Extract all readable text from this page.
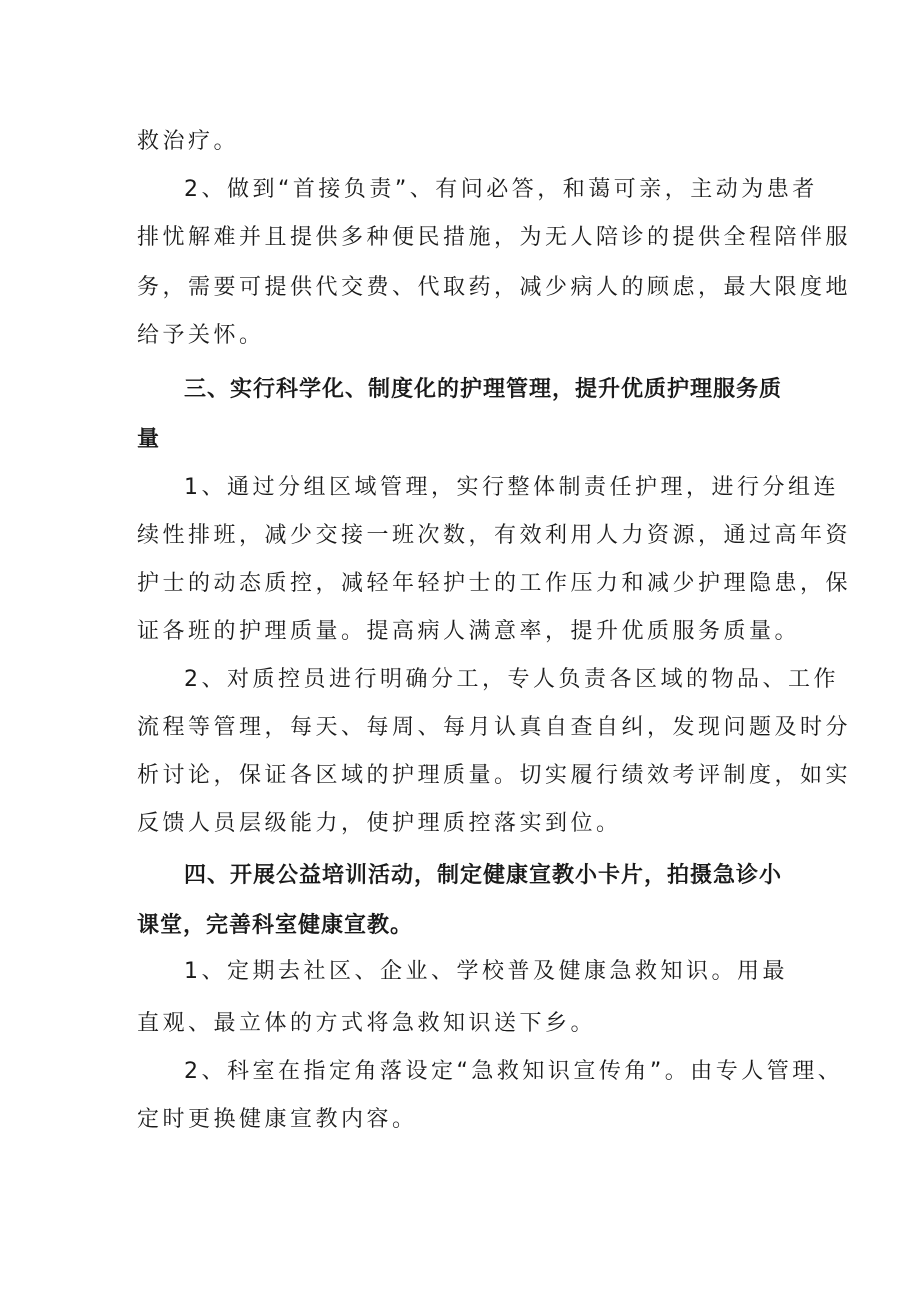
救治疗。
2、做到“首接负责”、有问必答，和蔼可亲，主动为患者
排忧解难并且提供多种便民措施，为无人陪诊的提供全程陪伴服
务，需要可提供代交费、代取药，减少病人的顾虑，最大限度地
给予关怀。
三、实行科学化、制度化的护理管理，提升优质护理服务质
量
1、通过分组区域管理，实行整体制责任护理，进行分组连
续性排班，减少交接一班次数，有效利用人力资源，通过高年资
护士的动态质控，减轻年轻护士的工作压力和减少护理隐患，保
证各班的护理质量。提高病人满意率，提升优质服务质量。
2、对质控员进行明确分工，专人负责各区域的物品、工作
流程等管理，每天、每周、每月认真自查自纠，发现问题及时分
析讨论，保证各区域的护理质量。切实履行绩效考评制度，如实
反馈人员层级能力，使护理质控落实到位。
四、开展公益培训活动，制定健康宣教小卡片，拍摄急诊小
课堂，完善科室健康宣教。
1、定期去社区、企业、学校普及健康急救知识。用最
直观、最立体的方式将急救知识送下乡。
2、科室在指定角落设定“急救知识宣传角”。由专人管理、
定时更换健康宣教内容。
